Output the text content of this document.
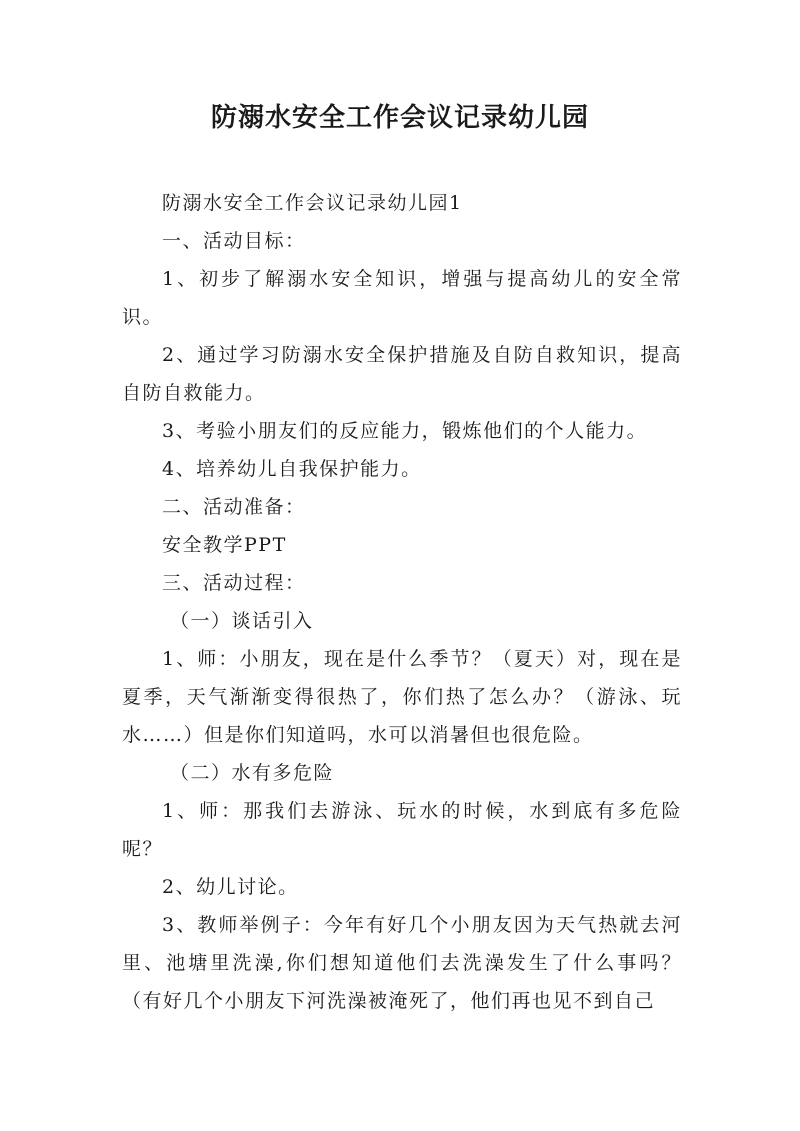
防溺水安全工作会议记录幼儿园

防溺水安全工作会议记录幼儿园1

一、活动目标：

1、初步了解溺水安全知识，增强与提高幼儿的安全常识。

2、通过学习防溺水安全保护措施及自防自救知识，提高自防自救能力。

3、考验小朋友们的反应能力，锻炼他们的个人能力。

4、培养幼儿自我保护能力。

二、活动准备：

安全教学PPT

三、活动过程：

（一）谈话引入

1、师：小朋友，现在是什么季节？（夏天）对，现在是夏季，天气渐渐变得很热了，你们热了怎么办？（游泳、玩水……）但是你们知道吗，水可以消暑但也很危险。

（二）水有多危险

1、师：那我们去游泳、玩水的时候，水到底有多危险呢？

2、幼儿讨论。

3、教师举例子：今年有好几个小朋友因为天气热就去河里、池塘里洗澡,你们想知道他们去洗澡发生了什么事吗？（有好几个小朋友下河洗澡被淹死了，他们再也见不到自己
